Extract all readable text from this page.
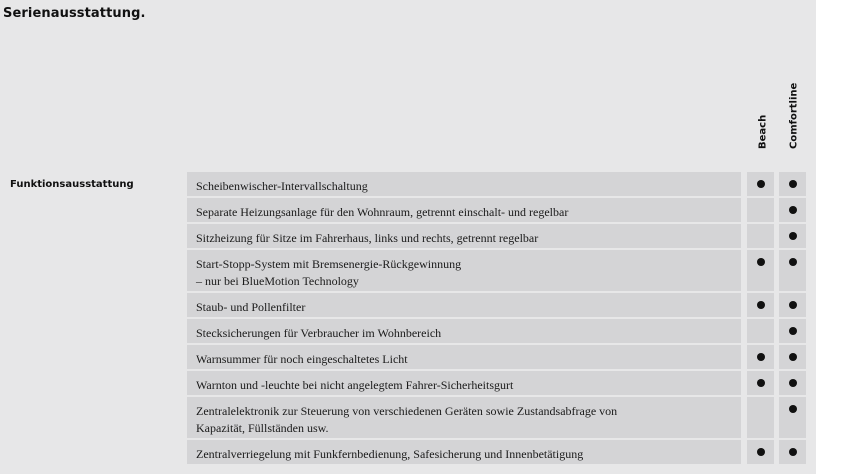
Serienausstattung.
Beach Comfortline
Funktionsausstattung	Scheibenwischer-Intervallschaltung
Separate Heizungsanlage für den Wohnraum, getrennt einschalt- und regelbar
Sitzheizung für Sitze im Fahrerhaus, links und rechts, getrennt regelbar
Start-Stopp-System mit Bremsenergie-Rückgewinnung
– nur bei BlueMotion Technology
Staub- und Pollenfilter
Stecksicherungen für Verbraucher im Wohnbereich
Warnsummer für noch eingeschaltetes Licht
Warnton und -leuchte bei nicht angelegtem Fahrer-Sicherheitsgurt
Zentralelektronik zur Steuerung von verschiedenen Geräten sowie Zustandsabfrage von
Kapazität, Füllständen usw.
Zentralverriegelung mit Funkfernbedienung, Safesicherung und Innenbetätigung
